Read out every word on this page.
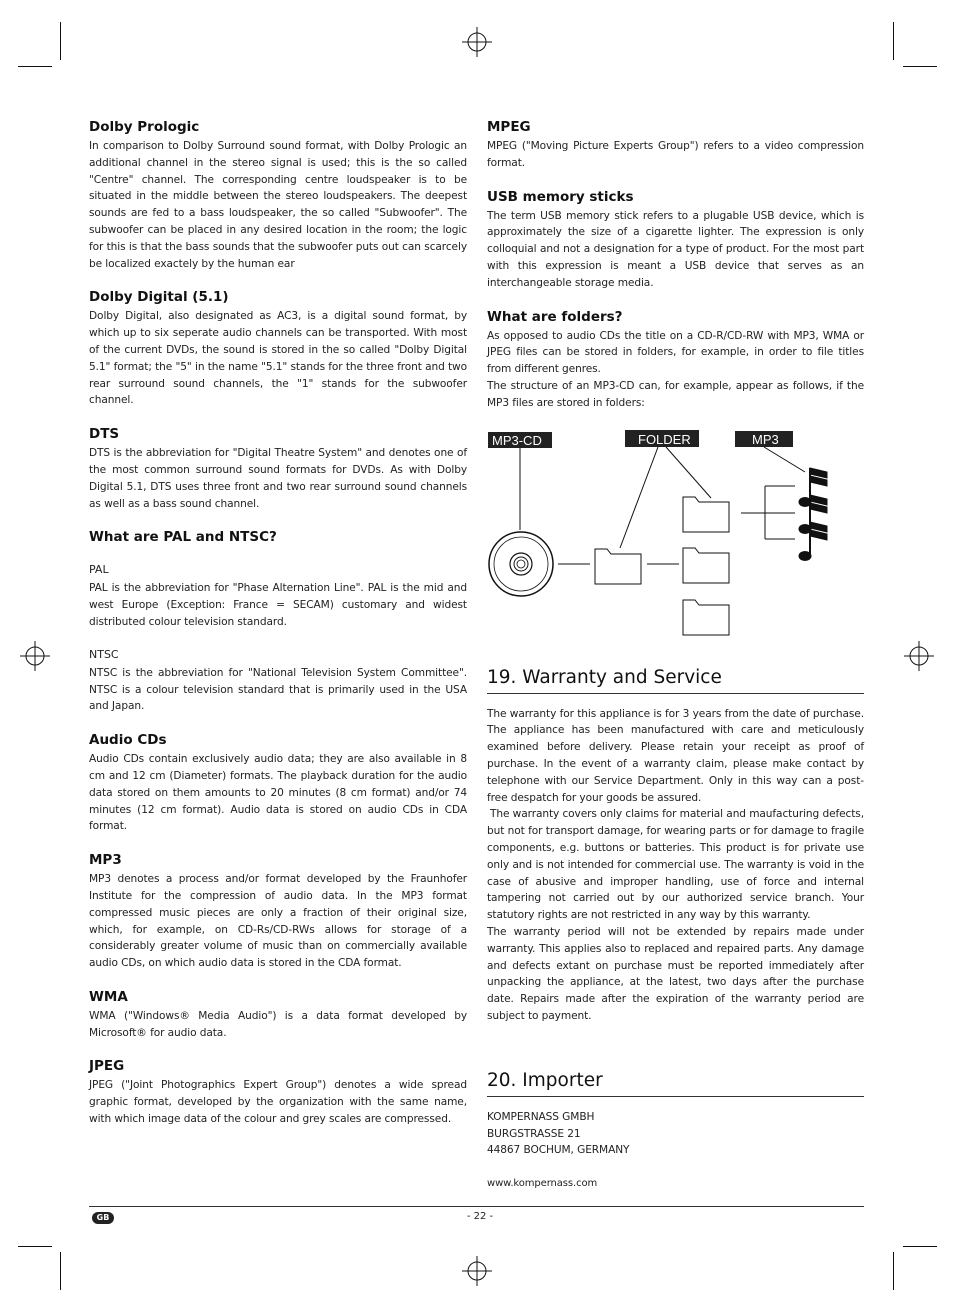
Dolby Prologic

In comparison to Dolby Surround sound format, with Dolby Prologic an additional channel in the stereo signal is used; this is the so called "Centre" channel. The corresponding centre loudspeaker is to be situated in the middle between the stereo loudspeakers. The deepest sounds are fed to a bass loudspeaker, the so called "Subwoofer". The subwoofer can be placed in any desired location in the room; the logic for this is that the bass sounds that the subwoofer puts out can scarcely be localized exactely by the human ear

Dolby Digital (5.1)

Dolby Digital, also designated as AC3, is a digital sound format, by which up to six seperate audio channels can be transported. With most of the current DVDs, the sound is stored in the so called "Dolby Digital 5.1" format; the "5" in the name "5.1" stands for the three front and two rear surround sound channels, the "1" stands for the subwoofer channel.

DTS

DTS is the abbreviation for "Digital Theatre System" and denotes one of the most common surround sound formats for DVDs. As with Dolby Digital 5.1, DTS uses three front and two rear surround sound channels as well as a bass sound channel.

What are PAL and NTSC?
PAL

PAL is the abbreviation for "Phase Alternation Line". PAL is the mid and west Europe (Exception: France = SECAM) customary and widest distributed colour television standard.

NTSC

NTSC is the abbreviation for "National Television System Committee". NTSC is a colour television standard that is primarily used in the USA and Japan.

Audio CDs

Audio CDs contain exclusively audio data; they are also available in 8 cm and 12 cm (Diameter) formats. The playback duration for the audio data stored on them amounts to 20 minutes (8 cm format) and/or 74 minutes (12 cm format). Audio data is stored on audio CDs in CDA format.

MP3

MP3 denotes a process and/or format developed by the Fraunhofer Institute for the compression of audio data. In the MP3 format compressed music pieces are only a fraction of their original size, which, for example, on CD-Rs/CD-RWs allows for storage of a considerably greater volume of music than on commercially available audio CDs, on which audio data is stored in the CDA format.

WMA

WMA ("Windows® Media Audio") is a data format developed by Microsoft® for audio data.

JPEG

JPEG ("Joint Photographics Expert Group") denotes a wide spread graphic format, developed by the organization with the same name, with which image data of the colour and grey scales are compressed.

MPEG

MPEG ("Moving Picture Experts Group") refers to a video compression format.

USB memory sticks

The term USB memory stick refers to a plugable USB device, which is approximately the size of a cigarette lighter. The expression is only colloquial and not a designation for a type of product. For the most part with this expression is meant a USB device that serves as an interchangeable storage media.

What are folders?

As opposed to audio CDs the title on a CD-R/CD-RW with MP3, WMA or JPEG files can be stored in folders, for example, in order to file titles from different genres.

The structure of an MP3-CD can, for example, appear as follows, if the MP3 files are stored in folders:

MP3-CD	FOLDER	MP3
19. Warranty and Service

The warranty for this appliance is for 3 years from the date of purchase. The appliance has been manufactured with care and meticulously examined before delivery. Please retain your receipt as proof of purchase. In the event of a warranty claim, please make contact by telephone with our Service Department. Only in this way can a post-free despatch for your goods be assured.

The warranty covers only claims for material and maufacturing defects, but not for transport damage, for wearing parts or for damage to fragile components, e.g. buttons or batteries. This product is for private use only and is not intended for commercial use. The warranty is void in the case of abusive and improper handling, use of force and internal tampering not carried out by our authorized service branch. Your statutory rights are not restricted in any way by this warranty.

The warranty period will not be extended by repairs made under warranty. This applies also to replaced and repaired parts. Any damage and defects extant on purchase must be reported immediately after unpacking the appliance, at the latest, two days after the purchase date. Repairs made after the expiration of the warranty period are subject to payment.

20. Importer

KOMPERNASS GMBH

BURGSTRASSE 21

44867 BOCHUM, GERMANY

www.kompernass.com

GB	- 22 -
